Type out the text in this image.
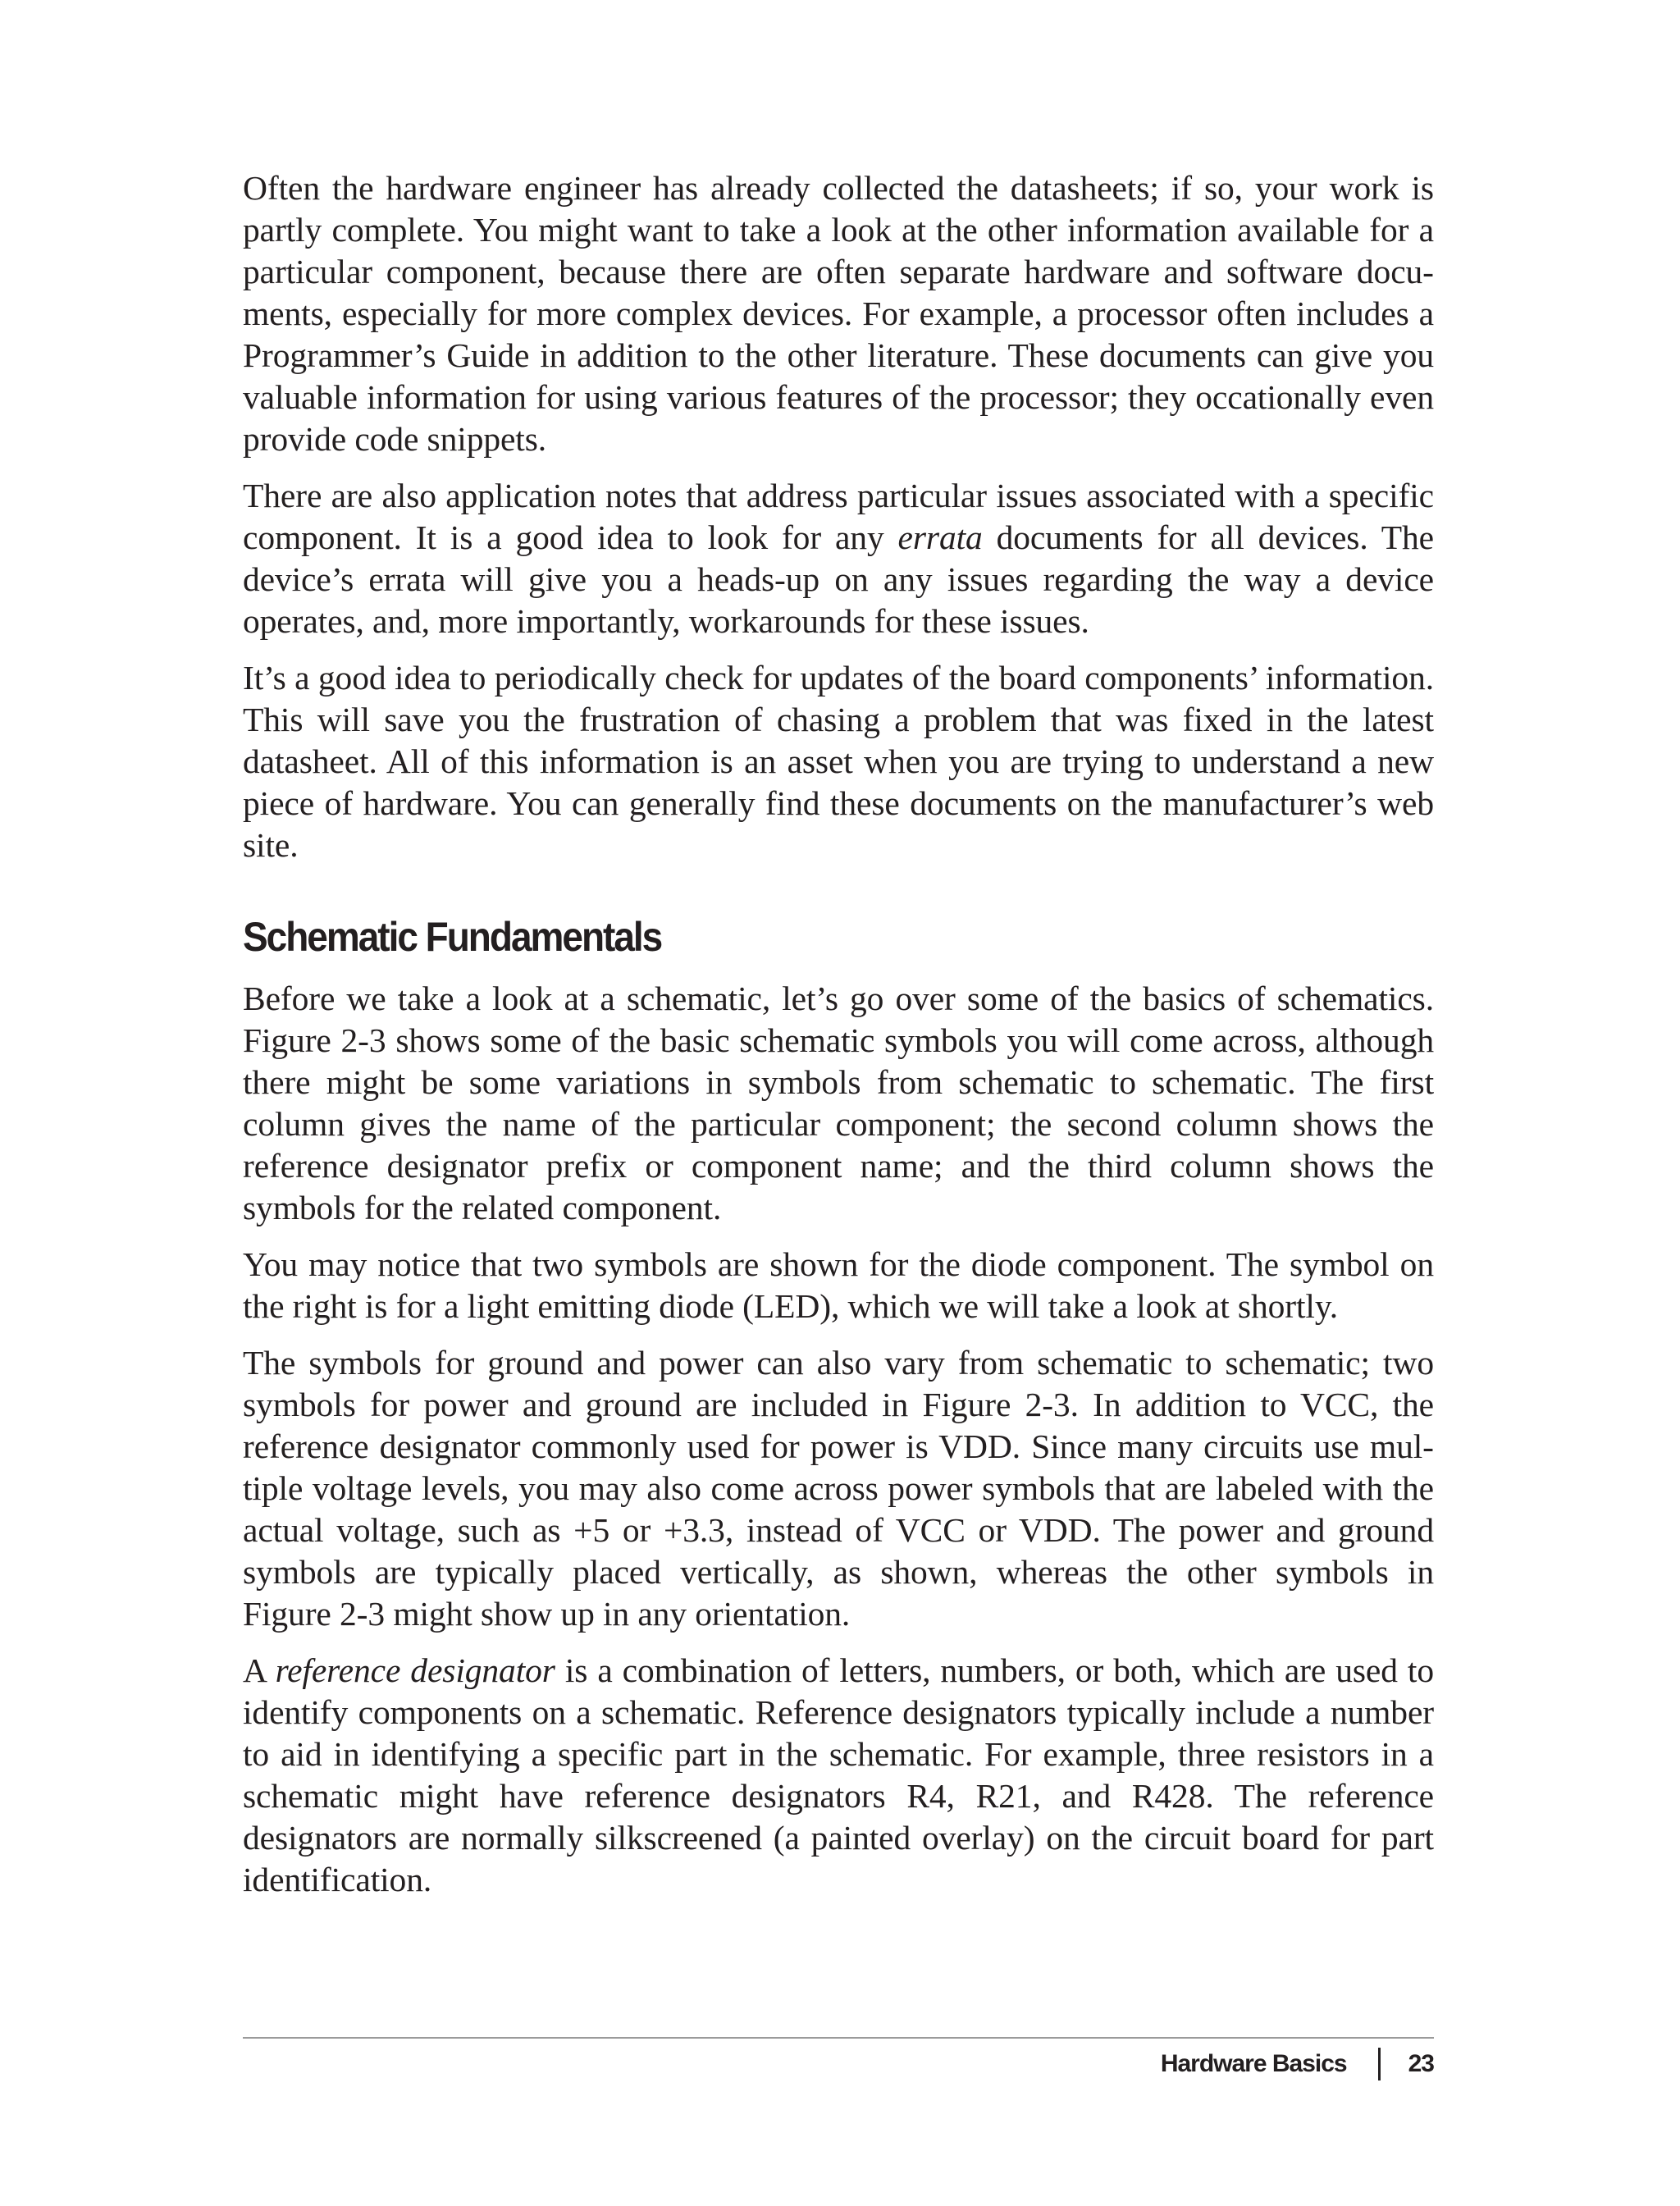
Often the hardware engineer has already collected the datasheets; if so, your work is partly complete. You might want to take a look at the other information available for a particular component, because there are often separate hardware and software documents, especially for more complex devices. For example, a processor often includes a Programmer’s Guide in addition to the other literature. These documents can give you valuable information for using various features of the processor; they occationally even provide code snippets.

There are also application notes that address particular issues associated with a specific component. It is a good idea to look for any errata documents for all devices. The device’s errata will give you a heads-up on any issues regarding the way a device operates, and, more importantly, workarounds for these issues.

It’s a good idea to periodically check for updates of the board components’ information. This will save you the frustration of chasing a problem that was fixed in the latest datasheet. All of this information is an asset when you are trying to understand a new piece of hardware. You can generally find these documents on the manufacturer’s web site.

Schematic Fundamentals

Before we take a look at a schematic, let’s go over some of the basics of schematics. Figure 2-3 shows some of the basic schematic symbols you will come across, although there might be some variations in symbols from schematic to schematic. The first column gives the name of the particular component; the second column shows the reference designator prefix or component name; and the third column shows the symbols for the related component.

You may notice that two symbols are shown for the diode component. The symbol on the right is for a light emitting diode (LED), which we will take a look at shortly.

The symbols for ground and power can also vary from schematic to schematic; two symbols for power and ground are included in Figure 2-3. In addition to VCC, the reference designator commonly used for power is VDD. Since many circuits use multiple voltage levels, you may also come across power symbols that are labeled with the actual voltage, such as +5 or +3.3, instead of VCC or VDD. The power and ground symbols are typically placed vertically, as shown, whereas the other symbols in Figure 2-3 might show up in any orientation.

A reference designator is a combination of letters, numbers, or both, which are used to identify components on a schematic. Reference designators typically include a number to aid in identifying a specific part in the schematic. For example, three resistors in a schematic might have reference designators R4, R21, and R428. The reference designators are normally silkscreened (a painted overlay) on the circuit board for part identification.

Hardware Basics	23
